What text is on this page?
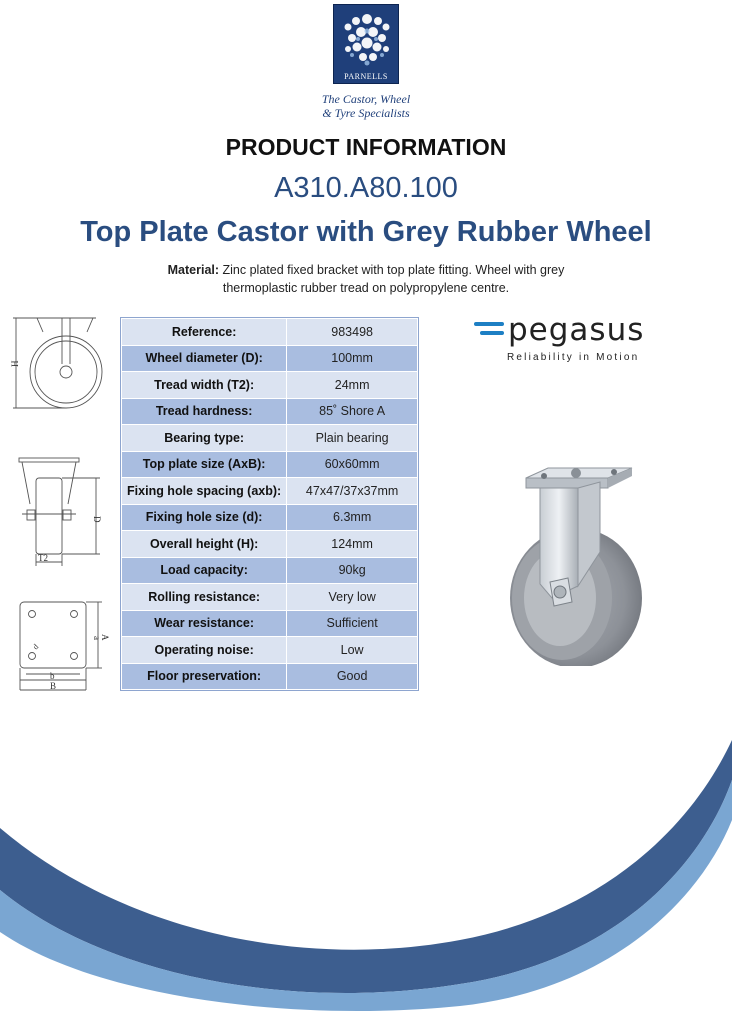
PARNELLS
The Castor, Wheel
& Tyre Specialists
PRODUCT INFORMATION
A310.A80.100
Top Plate Castor with Grey Rubber Wheel
Material: Zinc plated fixed bracket with top plate fitting. Wheel with grey
thermoplastic rubber tread on polypropylene centre.
H
T2
D
b
B
A
a
d
Reference:	983498
Wheel diameter (D):	100mm
Tread width (T2):	24mm
Tread hardness:	85˚ Shore A
Bearing type:	Plain bearing
Top plate size (AxB):	60x60mm
Fixing hole spacing (axb):	47x47/37x37mm
Fixing hole size (d):	6.3mm
Overall height (H):	124mm
Load capacity:	90kg
Rolling resistance:	Very low
Wear resistance:	Sufficient
Operating noise:	Low
Floor preservation:	Good
pegasus
Reliability in Motion
